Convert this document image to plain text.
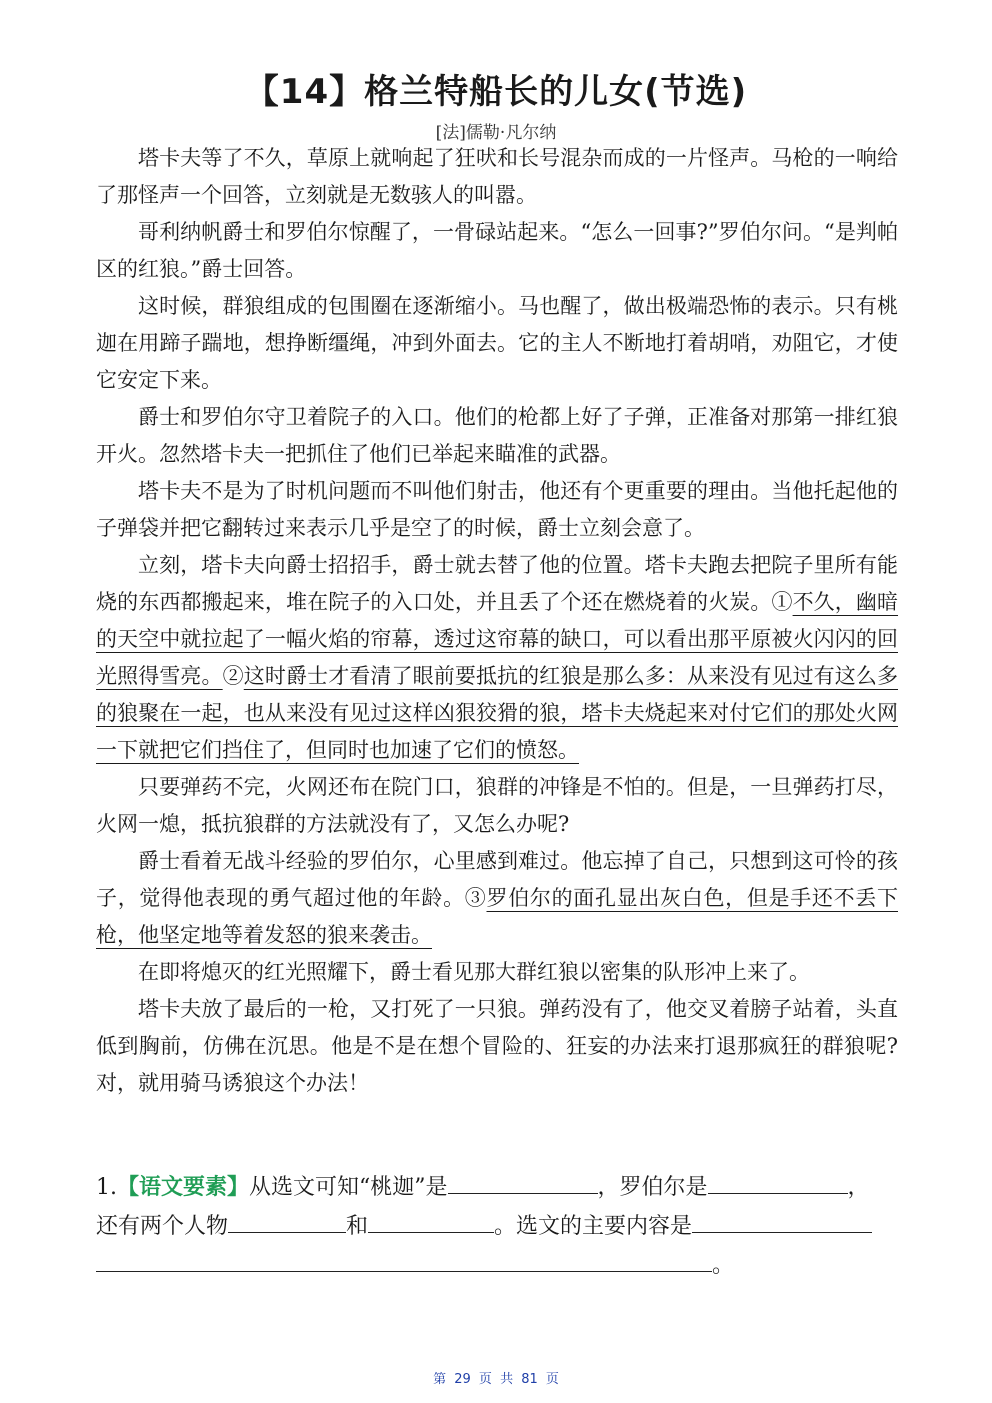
【14】格兰特船长的儿女(节选)
[法]儒勒·凡尔纳

塔卡夫等了不久，草原上就响起了狂吠和长号混杂而成的一片怪声。马枪的一响给了那怪声一个回答，立刻就是无数骇人的叫嚣。

哥利纳帆爵士和罗伯尔惊醒了，一骨碌站起来。“怎么一回事?”罗伯尔问。“是判帕区的红狼。”爵士回答。

这时候，群狼组成的包围圈在逐渐缩小。马也醒了，做出极端恐怖的表示。只有桃迦在用蹄子踹地，想挣断缰绳，冲到外面去。它的主人不断地打着胡哨，劝阻它，才使它安定下来。

爵士和罗伯尔守卫着院子的入口。他们的枪都上好了子弹，正准备对那第一排红狼开火。忽然塔卡夫一把抓住了他们已举起来瞄准的武器。

塔卡夫不是为了时机问题而不叫他们射击，他还有个更重要的理由。当他托起他的子弹袋并把它翻转过来表示几乎是空了的时候，爵士立刻会意了。

立刻，塔卡夫向爵士招招手，爵士就去替了他的位置。塔卡夫跑去把院子里所有能烧的东西都搬起来，堆在院子的入口处，并且丢了个还在燃烧着的火炭。①不久，幽暗的天空中就拉起了一幅火焰的帘幕，透过这帘幕的缺口，可以看出那平原被火闪闪的回光照得雪亮。②这时爵士才看清了眼前要抵抗的红狼是那么多：从来没有见过有这么多的狼聚在一起，也从来没有见过这样凶狠狡猾的狼，塔卡夫烧起来对付它们的那处火网一下就把它们挡住了，但同时也加速了它们的愤怒。

只要弹药不完，火网还布在院门口，狼群的冲锋是不怕的。但是，一旦弹药打尽，火网一熄，抵抗狼群的方法就没有了，又怎么办呢?

爵士看着无战斗经验的罗伯尔，心里感到难过。他忘掉了自己，只想到这可怜的孩子，觉得他表现的勇气超过他的年龄。③罗伯尔的面孔显出灰白色，但是手还不丢下枪，他坚定地等着发怒的狼来袭击。

在即将熄灭的红光照耀下，爵士看见那大群红狼以密集的队形冲上来了。

塔卡夫放了最后的一枪，又打死了一只狼。弹药没有了，他交叉着膀子站着，头直低到胸前，仿佛在沉思。他是不是在想个冒险的、狂妄的办法来打退那疯狂的群狼呢?对，就用骑马诱狼这个办法！

1.【语文要素】从选文可知“桃迦”是	，罗伯尔是	，
还有两个人物	和	。选文的主要内容是
。
第 29 页 共 81 页
